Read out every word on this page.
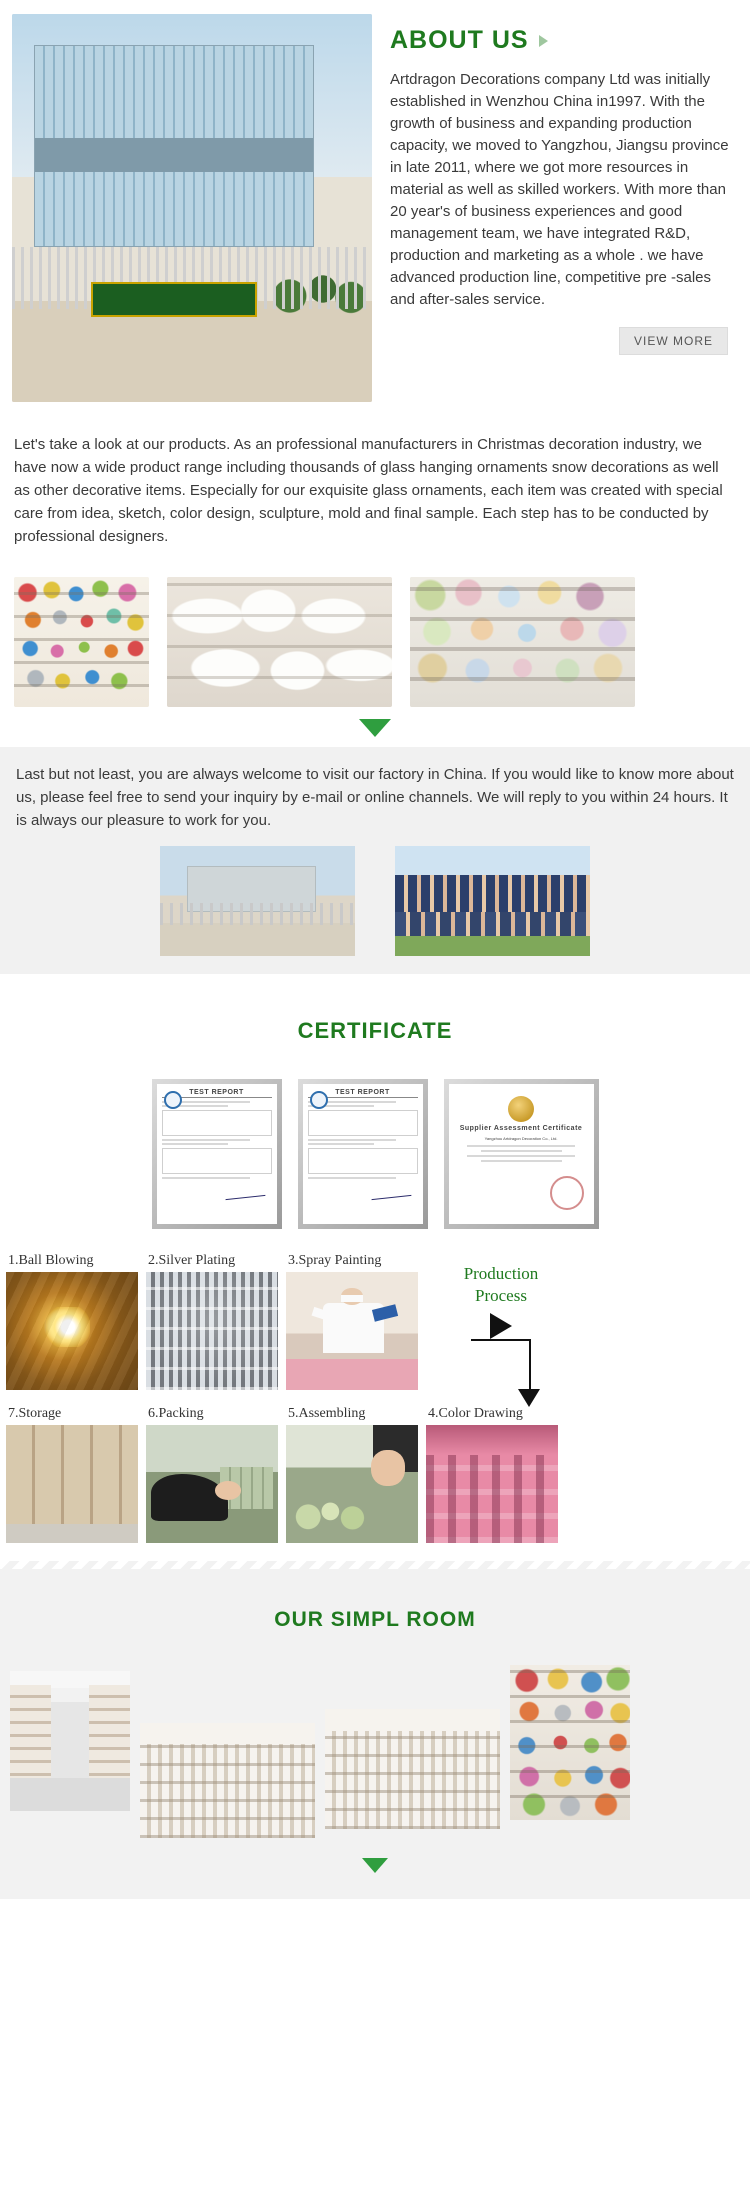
ABOUT US
Artdragon Decorations company Ltd was initially established in Wenzhou China in1997. With the growth of business and expanding production capacity, we moved to Yangzhou, Jiangsu province in late 2011, where we got more resources in material as well as skilled workers. With more than 20 year's of business experiences and good management team, we have integrated R&D, production and marketing as a whole . we have advanced production line, competitive pre -sales and after-sales service.
VIEW MORE

Let's take a look at our products. As an professional manufacturers in Christmas decoration industry, we have now a wide product range including thousands of glass hanging ornaments snow decorations as well as other decorative items. Especially for our exquisite glass ornaments, each item was created with special care from idea, sketch, color design, sculpture, mold and final sample. Each step has to be conducted by professional designers.

Last but not least, you are always welcome to visit our factory in China. If you would like to know more about us, please feel free to send your inquiry by e-mail or online channels. We will reply to you within 24 hours. It is always our pleasure to work for you.
CERTIFICATE
TEST REPORT	TEST REPORT
Supplier Assessment Certificate
Yangzhou Artdragon Decoration Co., Ltd.
1.Ball Blowing	2.Silver Plating	3.Spray Painting
Production Process
7.Storage	6.Packing	5.Assembling	4.Color Drawing
OUR SIMPL ROOM
